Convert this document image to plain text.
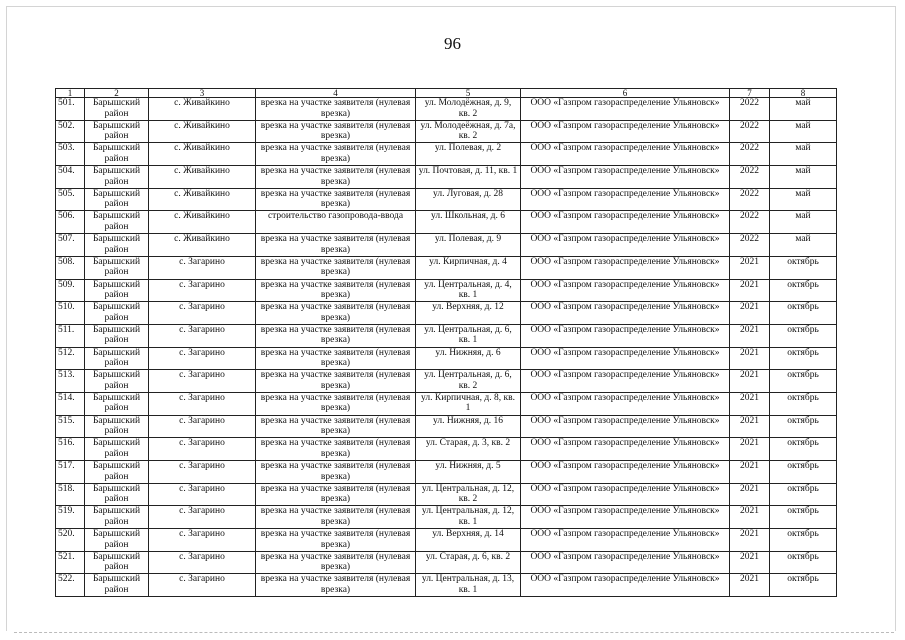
96
1	2	3	4	5	6	7	8
501.	Барышский район	с. Живайкино	врезка на участке заявителя (нулевая врезка)	ул. Молодёжная, д. 9, кв. 2	ООО «Газпром газораспределение Ульяновск»	2022	май
502.	Барышский район	с. Живайкино	врезка на участке заявителя (нулевая врезка)	ул. Молодеёжная, д. 7а, кв. 2	ООО «Газпром газораспределение Ульяновск»	2022	май
503.	Барышский район	с. Живайкино	врезка на участке заявителя (нулевая врезка)	ул. Полевая, д. 2	ООО «Газпром газораспределение Ульяновск»	2022	май
504.	Барышский район	с. Живайкино	врезка на участке заявителя (нулевая врезка)	ул. Почтовая, д. 11, кв. 1	ООО «Газпром газораспределение Ульяновск»	2022	май
505.	Барышский район	с. Живайкино	врезка на участке заявителя (нулевая врезка)	ул. Луговая, д. 28	ООО «Газпром газораспределение Ульяновск»	2022	май
506.	Барышский район	с. Живайкино	строительство газопровода-ввода	ул. Школьная, д. 6	ООО «Газпром газораспределение Ульяновск»	2022	май
507.	Барышский район	с. Живайкино	врезка на участке заявителя (нулевая врезка)	ул. Полевая, д. 9	ООО «Газпром газораспределение Ульяновск»	2022	май
508.	Барышский район	с. Загарино	врезка на участке заявителя (нулевая врезка)	ул. Кирпичная, д. 4	ООО «Газпром газораспределение Ульяновск»	2021	октябрь
509.	Барышский район	с. Загарино	врезка на участке заявителя (нулевая врезка)	ул. Центральная, д. 4, кв. 1	ООО «Газпром газораспределение Ульяновск»	2021	октябрь
510.	Барышский район	с. Загарино	врезка на участке заявителя (нулевая врезка)	ул. Верхняя, д. 12	ООО «Газпром газораспределение Ульяновск»	2021	октябрь
511.	Барышский район	с. Загарино	врезка на участке заявителя (нулевая врезка)	ул. Центральная, д. 6, кв. 1	ООО «Газпром газораспределение Ульяновск»	2021	октябрь
512.	Барышский район	с. Загарино	врезка на участке заявителя (нулевая врезка)	ул. Нижняя, д. 6	ООО «Газпром газораспределение Ульяновск»	2021	октябрь
513.	Барышский район	с. Загарино	врезка на участке заявителя (нулевая врезка)	ул. Центральная, д. 6, кв. 2	ООО «Газпром газораспределение Ульяновск»	2021	октябрь
514.	Барышский район	с. Загарино	врезка на участке заявителя (нулевая врезка)	ул. Кирпичная, д. 8, кв. 1	ООО «Газпром газораспределение Ульяновск»	2021	октябрь
515.	Барышский район	с. Загарино	врезка на участке заявителя (нулевая врезка)	ул. Нижняя, д. 16	ООО «Газпром газораспределение Ульяновск»	2021	октябрь
516.	Барышский район	с. Загарино	врезка на участке заявителя (нулевая врезка)	ул. Старая, д. 3, кв. 2	ООО «Газпром газораспределение Ульяновск»	2021	октябрь
517.	Барышский район	с. Загарино	врезка на участке заявителя (нулевая врезка)	ул. Нижняя, д. 5	ООО «Газпром газораспределение Ульяновск»	2021	октябрь
518.	Барышский район	с. Загарино	врезка на участке заявителя (нулевая врезка)	ул. Центральная, д. 12, кв. 2	ООО «Газпром газораспределение Ульяновск»	2021	октябрь
519.	Барышский район	с. Загарино	врезка на участке заявителя (нулевая врезка)	ул. Центральная, д. 12, кв. 1	ООО «Газпром газораспределение Ульяновск»	2021	октябрь
520.	Барышский район	с. Загарино	врезка на участке заявителя (нулевая врезка)	ул. Верхняя, д. 14	ООО «Газпром газораспределение Ульяновск»	2021	октябрь
521.	Барышский район	с. Загарино	врезка на участке заявителя (нулевая врезка)	ул. Старая, д. 6, кв. 2	ООО «Газпром газораспределение Ульяновск»	2021	октябрь
522.	Барышский район	с. Загарино	врезка на участке заявителя (нулевая врезка)	ул. Центральная, д. 13, кв. 1	ООО «Газпром газораспределение Ульяновск»	2021	октябрь
